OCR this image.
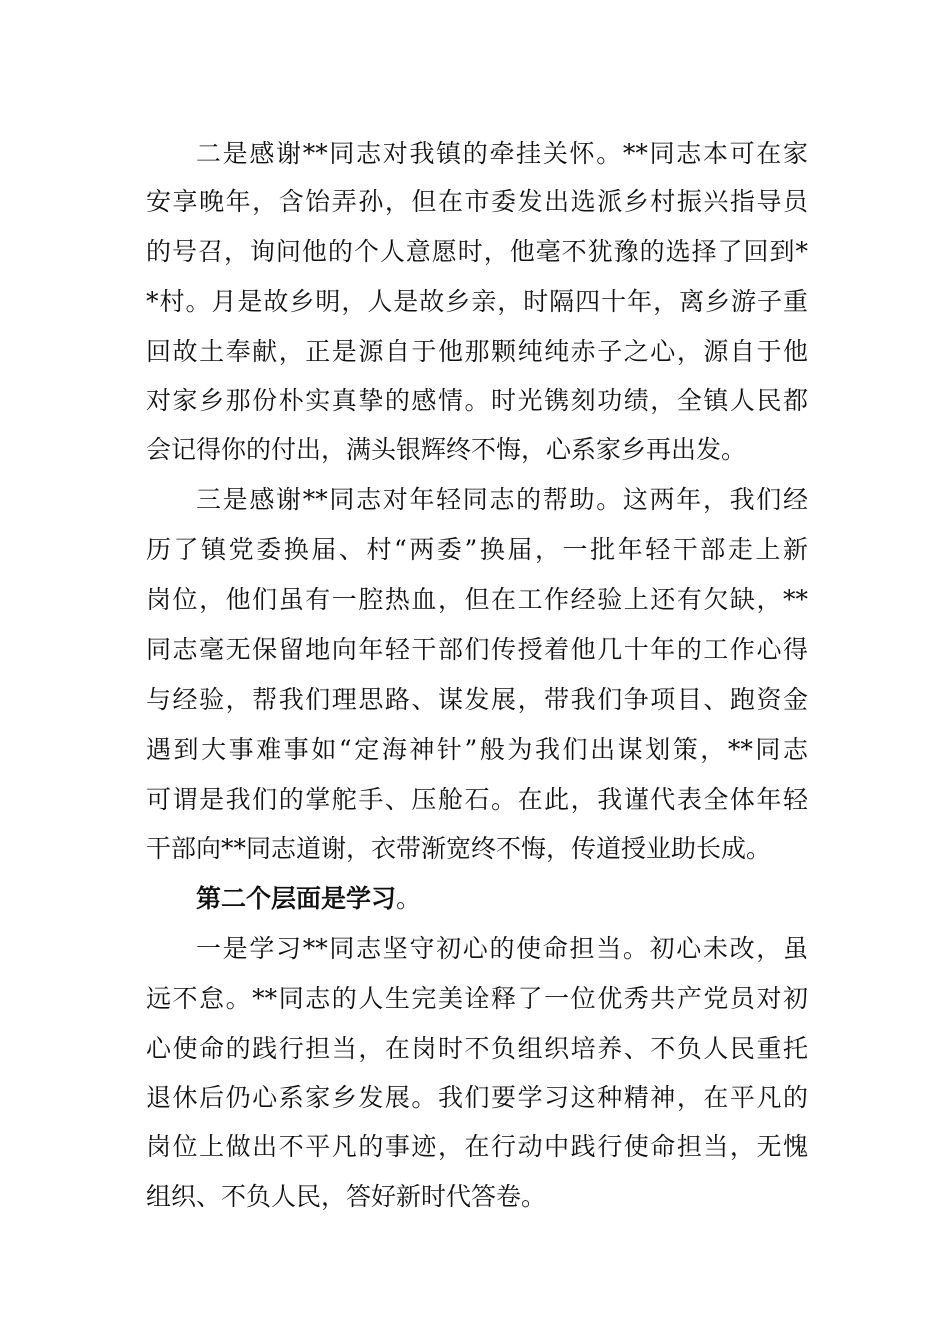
二是感谢**同志对我镇的牵挂关怀。**同志本可在家
安享晚年，含饴弄孙，但在市委发出选派乡村振兴指导员
的号召，询问他的个人意愿时，他毫不犹豫的选择了回到*
*村。月是故乡明，人是故乡亲，时隔四十年，离乡游子重
回故土奉献，正是源自于他那颗纯纯赤子之心，源自于他
对家乡那份朴实真挚的感情。时光镌刻功绩，全镇人民都
会记得你的付出，满头银辉终不悔，心系家乡再出发。
三是感谢**同志对年轻同志的帮助。这两年，我们经
历了镇党委换届、村“两委”换届，一批年轻干部走上新
岗位，他们虽有一腔热血，但在工作经验上还有欠缺，**
同志毫无保留地向年轻干部们传授着他几十年的工作心得
与经验，帮我们理思路、谋发展，带我们争项目、跑资金
遇到大事难事如“定海神针”般为我们出谋划策，**同志
可谓是我们的掌舵手、压舱石。在此，我谨代表全体年轻
干部向**同志道谢，衣带渐宽终不悔，传道授业助长成。
第二个层面是学习。
一是学习**同志坚守初心的使命担当。初心未改，虽
远不怠。**同志的人生完美诠释了一位优秀共产党员对初
心使命的践行担当，在岗时不负组织培养、不负人民重托
退休后仍心系家乡发展。我们要学习这种精神，在平凡的
岗位上做出不平凡的事迹，在行动中践行使命担当，无愧
组织、不负人民，答好新时代答卷。
